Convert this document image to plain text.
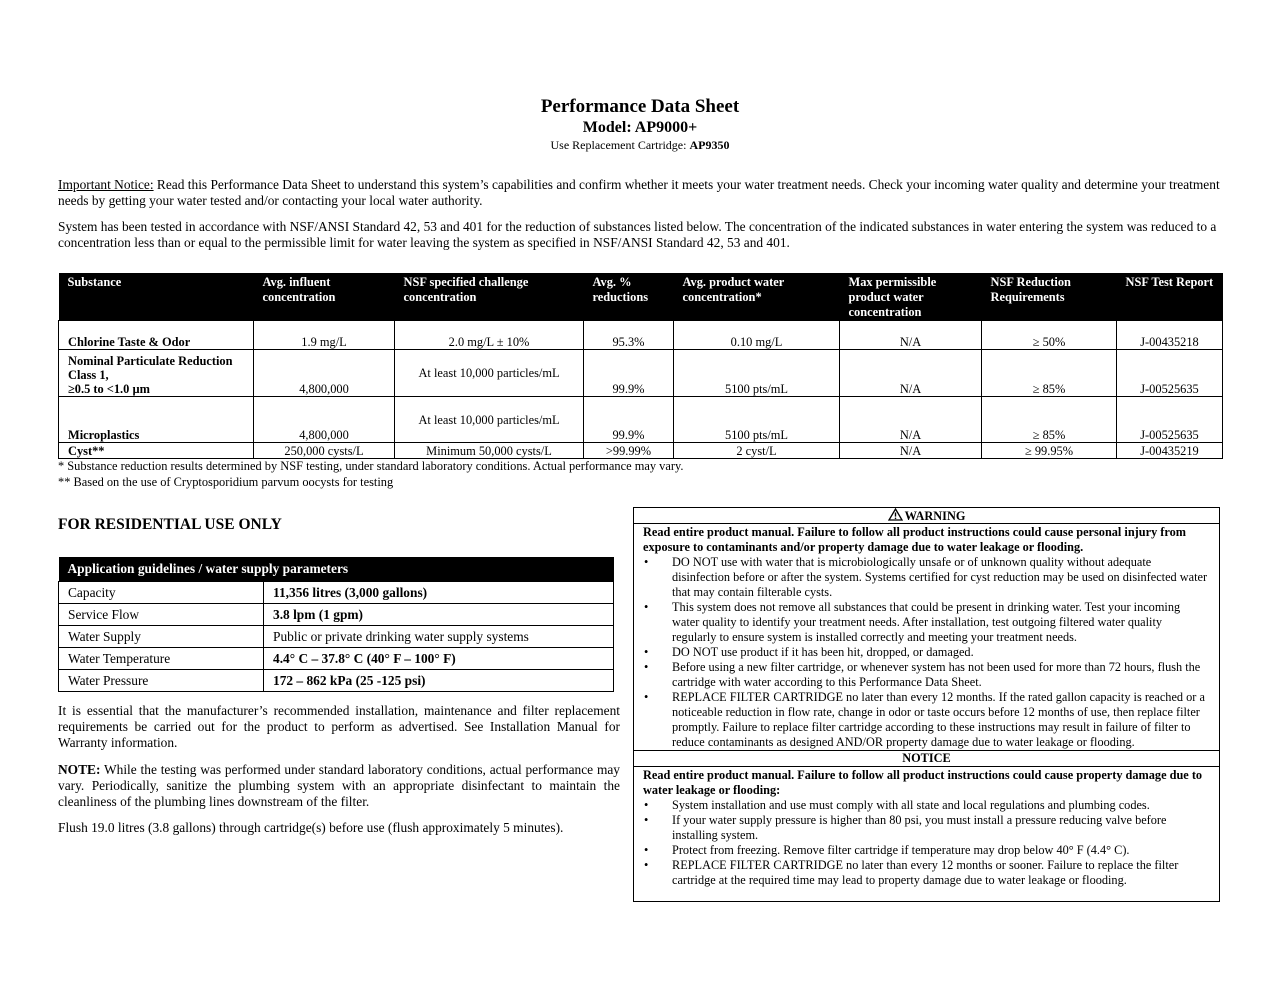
Performance Data Sheet
Model: AP9000+
Use Replacement Cartridge: AP9350

Important Notice: Read this Performance Data Sheet to understand this system’s capabilities and confirm whether it meets your water treatment needs. Check your incoming water quality and determine your treatment needs by getting your water tested and/or contacting your local water authority.

System has been tested in accordance with NSF/ANSI Standard 42, 53 and 401 for the reduction of substances listed below. The concentration of the indicated substances in water entering the system was reduced to a concentration less than or equal to the permissible limit for water leaving the system as specified in NSF/ANSI Standard 42, 53 and 401.

Substance	Avg. influent concentration	NSF specified challenge concentration	Avg. % reductions	Avg. product water concentration*	Max permissible product water concentration	NSF Reduction Requirements	NSF Test Report
Chlorine Taste & Odor	1.9 mg/L	2.0 mg/L ± 10%	95.3%	0.10 mg/L	N/A	≥ 50%	J-00435218

Nominal Particulate Reduction
Class 1,
≥0.5 to <1.0 µm	4,800,000	At least 10,000 particles/mL	99.9%	5100 pts/mL	N/A	≥ 85%	J-00525635
Microplastics	4,800,000	At least 10,000 particles/mL	99.9%	5100 pts/mL	N/A	≥ 85%	J-00525635
Cyst**	250,000 cysts/L	Minimum 50,000 cysts/L	>99.99%	2 cyst/L	N/A	≥ 99.95%	J-00435219
* Substance reduction results determined by NSF testing, under standard laboratory conditions. Actual performance may vary.
** Based on the use of Cryptosporidium parvum oocysts for testing
FOR RESIDENTIAL USE ONLY
Application guidelines / water supply parameters	
Capacity	11,356 litres (3,000 gallons)
Service Flow	3.8 lpm (1 gpm)
Water Supply	Public or private drinking water supply systems
Water Temperature	4.4° C – 37.8° C (40° F – 100° F)
Water Pressure	172 – 862 kPa (25 -125 psi)

It is essential that the manufacturer’s recommended installation, maintenance and filter replacement requirements be carried out for the product to perform as advertised. See Installation Manual for Warranty information.

NOTE: While the testing was performed under standard laboratory conditions, actual performance may vary. Periodically, sanitize the plumbing system with an appropriate disinfectant to maintain the cleanliness of the plumbing lines downstream of the filter.

Flush 19.0 litres (3.8 gallons) through cartridge(s) before use (flush approximately 5 minutes).

WARNING
Read entire product manual. Failure to follow all product instructions could cause personal injury from exposure to contaminants and/or property damage due to water leakage or flooding.
• DO NOT use with water that is microbiologically unsafe or of unknown quality without adequate disinfection before or after the system. Systems certified for cyst reduction may be used on disinfected water that may contain filterable cysts.
• This system does not remove all substances that could be present in drinking water. Test your incoming water quality to identify your treatment needs. After installation, test outgoing filtered water quality regularly to ensure system is installed correctly and meeting your treatment needs.
• DO NOT use product if it has been hit, dropped, or damaged.
• Before using a new filter cartridge, or whenever system has not been used for more than 72 hours, flush the cartridge with water according to this Performance Data Sheet.
• REPLACE FILTER CARTRIDGE no later than every 12 months. If the rated gallon capacity is reached or a noticeable reduction in flow rate, change in odor or taste occurs before 12 months of use, then replace filter promptly. Failure to replace filter cartridge according to these instructions may result in failure of filter to reduce contaminants as designed AND/OR property damage due to water leakage or flooding.
NOTICE
Read entire product manual. Failure to follow all product instructions could cause property damage due to water leakage or flooding:
• System installation and use must comply with all state and local regulations and plumbing codes.
• If your water supply pressure is higher than 80 psi, you must install a pressure reducing valve before installing system.
• Protect from freezing. Remove filter cartridge if temperature may drop below 40° F (4.4° C).
• REPLACE FILTER CARTRIDGE no later than every 12 months or sooner. Failure to replace the filter cartridge at the required time may lead to property damage due to water leakage or flooding.
